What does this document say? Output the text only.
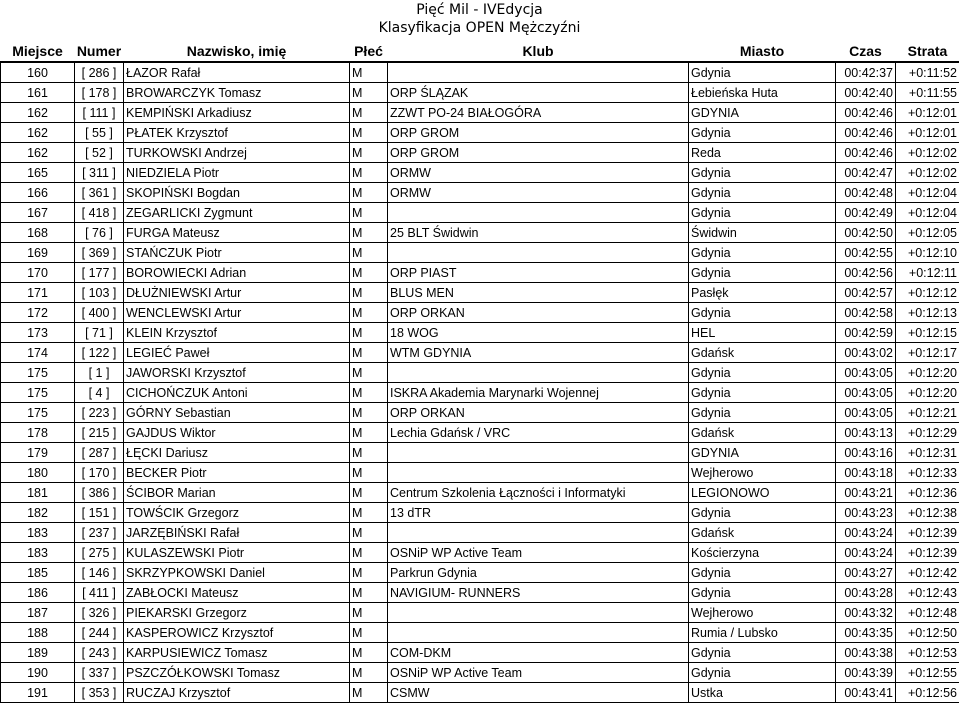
Pięć Mil - IVEdycja
Klasyfikacja OPEN Mężczyźni
Miejsce	Numer	Nazwisko, imię	Płeć	Klub	Miasto	Czas	Strata
160	[ 286 ]	ŁAZOR Rafał	M		Gdynia	00:42:37	+0:11:52
161	[ 178 ]	BROWARCZYK Tomasz	M	ORP ŚLĄZAK	Łebieńska Huta	00:42:40	+0:11:55
162	[ 111 ]	KEMPIŃSKI Arkadiusz	M	ZZWT PO-24 BIAŁOGÓRA	GDYNIA	00:42:46	+0:12:01
162	[ 55 ]	PŁATEK Krzysztof	M	ORP GROM	Gdynia	00:42:46	+0:12:01
162	[ 52 ]	TURKOWSKI Andrzej	M	ORP GROM	Reda	00:42:46	+0:12:02
165	[ 311 ]	NIEDZIELA Piotr	M	ORMW	Gdynia	00:42:47	+0:12:02
166	[ 361 ]	SKOPIŃSKI Bogdan	M	ORMW	Gdynia	00:42:48	+0:12:04
167	[ 418 ]	ZEGARLICKI Zygmunt	M		Gdynia	00:42:49	+0:12:04
168	[ 76 ]	FURGA Mateusz	M	25 BLT Świdwin	Świdwin	00:42:50	+0:12:05
169	[ 369 ]	STAŃCZUK Piotr	M		Gdynia	00:42:55	+0:12:10
170	[ 177 ]	BOROWIECKI Adrian	M	ORP PIAST	Gdynia	00:42:56	+0:12:11
171	[ 103 ]	DŁUŻNIEWSKI Artur	M	BLUS MEN	Pasłęk	00:42:57	+0:12:12
172	[ 400 ]	WENCLEWSKI Artur	M	ORP ORKAN	Gdynia	00:42:58	+0:12:13
173	[ 71 ]	KLEIN Krzysztof	M	18 WOG	HEL	00:42:59	+0:12:15
174	[ 122 ]	LEGIEĆ Paweł	M	WTM GDYNIA	Gdańsk	00:43:02	+0:12:17
175	[ 1 ]	JAWORSKI Krzysztof	M		Gdynia	00:43:05	+0:12:20
175	[ 4 ]	CICHOŃCZUK Antoni	M	ISKRA Akademia Marynarki Wojennej	Gdynia	00:43:05	+0:12:20
175	[ 223 ]	GÓRNY Sebastian	M	ORP ORKAN	Gdynia	00:43:05	+0:12:21
178	[ 215 ]	GAJDUS Wiktor	M	Lechia Gdańsk / VRC	Gdańsk	00:43:13	+0:12:29
179	[ 287 ]	ŁĘCKI Dariusz	M		GDYNIA	00:43:16	+0:12:31
180	[ 170 ]	BECKER Piotr	M		Wejherowo	00:43:18	+0:12:33
181	[ 386 ]	ŚCIBOR Marian	M	Centrum Szkolenia Łączności i Informatyki	LEGIONOWO	00:43:21	+0:12:36
182	[ 151 ]	TOWŚCIK Grzegorz	M	13 dTR	Gdynia	00:43:23	+0:12:38
183	[ 237 ]	JARZĘBIŃSKI Rafał	M		Gdańsk	00:43:24	+0:12:39
183	[ 275 ]	KULASZEWSKI Piotr	M	OSNiP WP Active Team	Kościerzyna	00:43:24	+0:12:39
185	[ 146 ]	SKRZYPKOWSKI Daniel	M	Parkrun Gdynia	Gdynia	00:43:27	+0:12:42
186	[ 411 ]	ZABŁOCKI Mateusz	M	NAVIGIUM- RUNNERS	Gdynia	00:43:28	+0:12:43
187	[ 326 ]	PIEKARSKI Grzegorz	M		Wejherowo	00:43:32	+0:12:48
188	[ 244 ]	KASPEROWICZ Krzysztof	M		Rumia / Lubsko	00:43:35	+0:12:50
189	[ 243 ]	KARPUSIEWICZ Tomasz	M	COM-DKM	Gdynia	00:43:38	+0:12:53
190	[ 337 ]	PSZCZÓŁKOWSKI Tomasz	M	OSNiP WP Active Team	Gdynia	00:43:39	+0:12:55
191	[ 353 ]	RUCZAJ Krzysztof	M	CSMW	Ustka	00:43:41	+0:12:56
